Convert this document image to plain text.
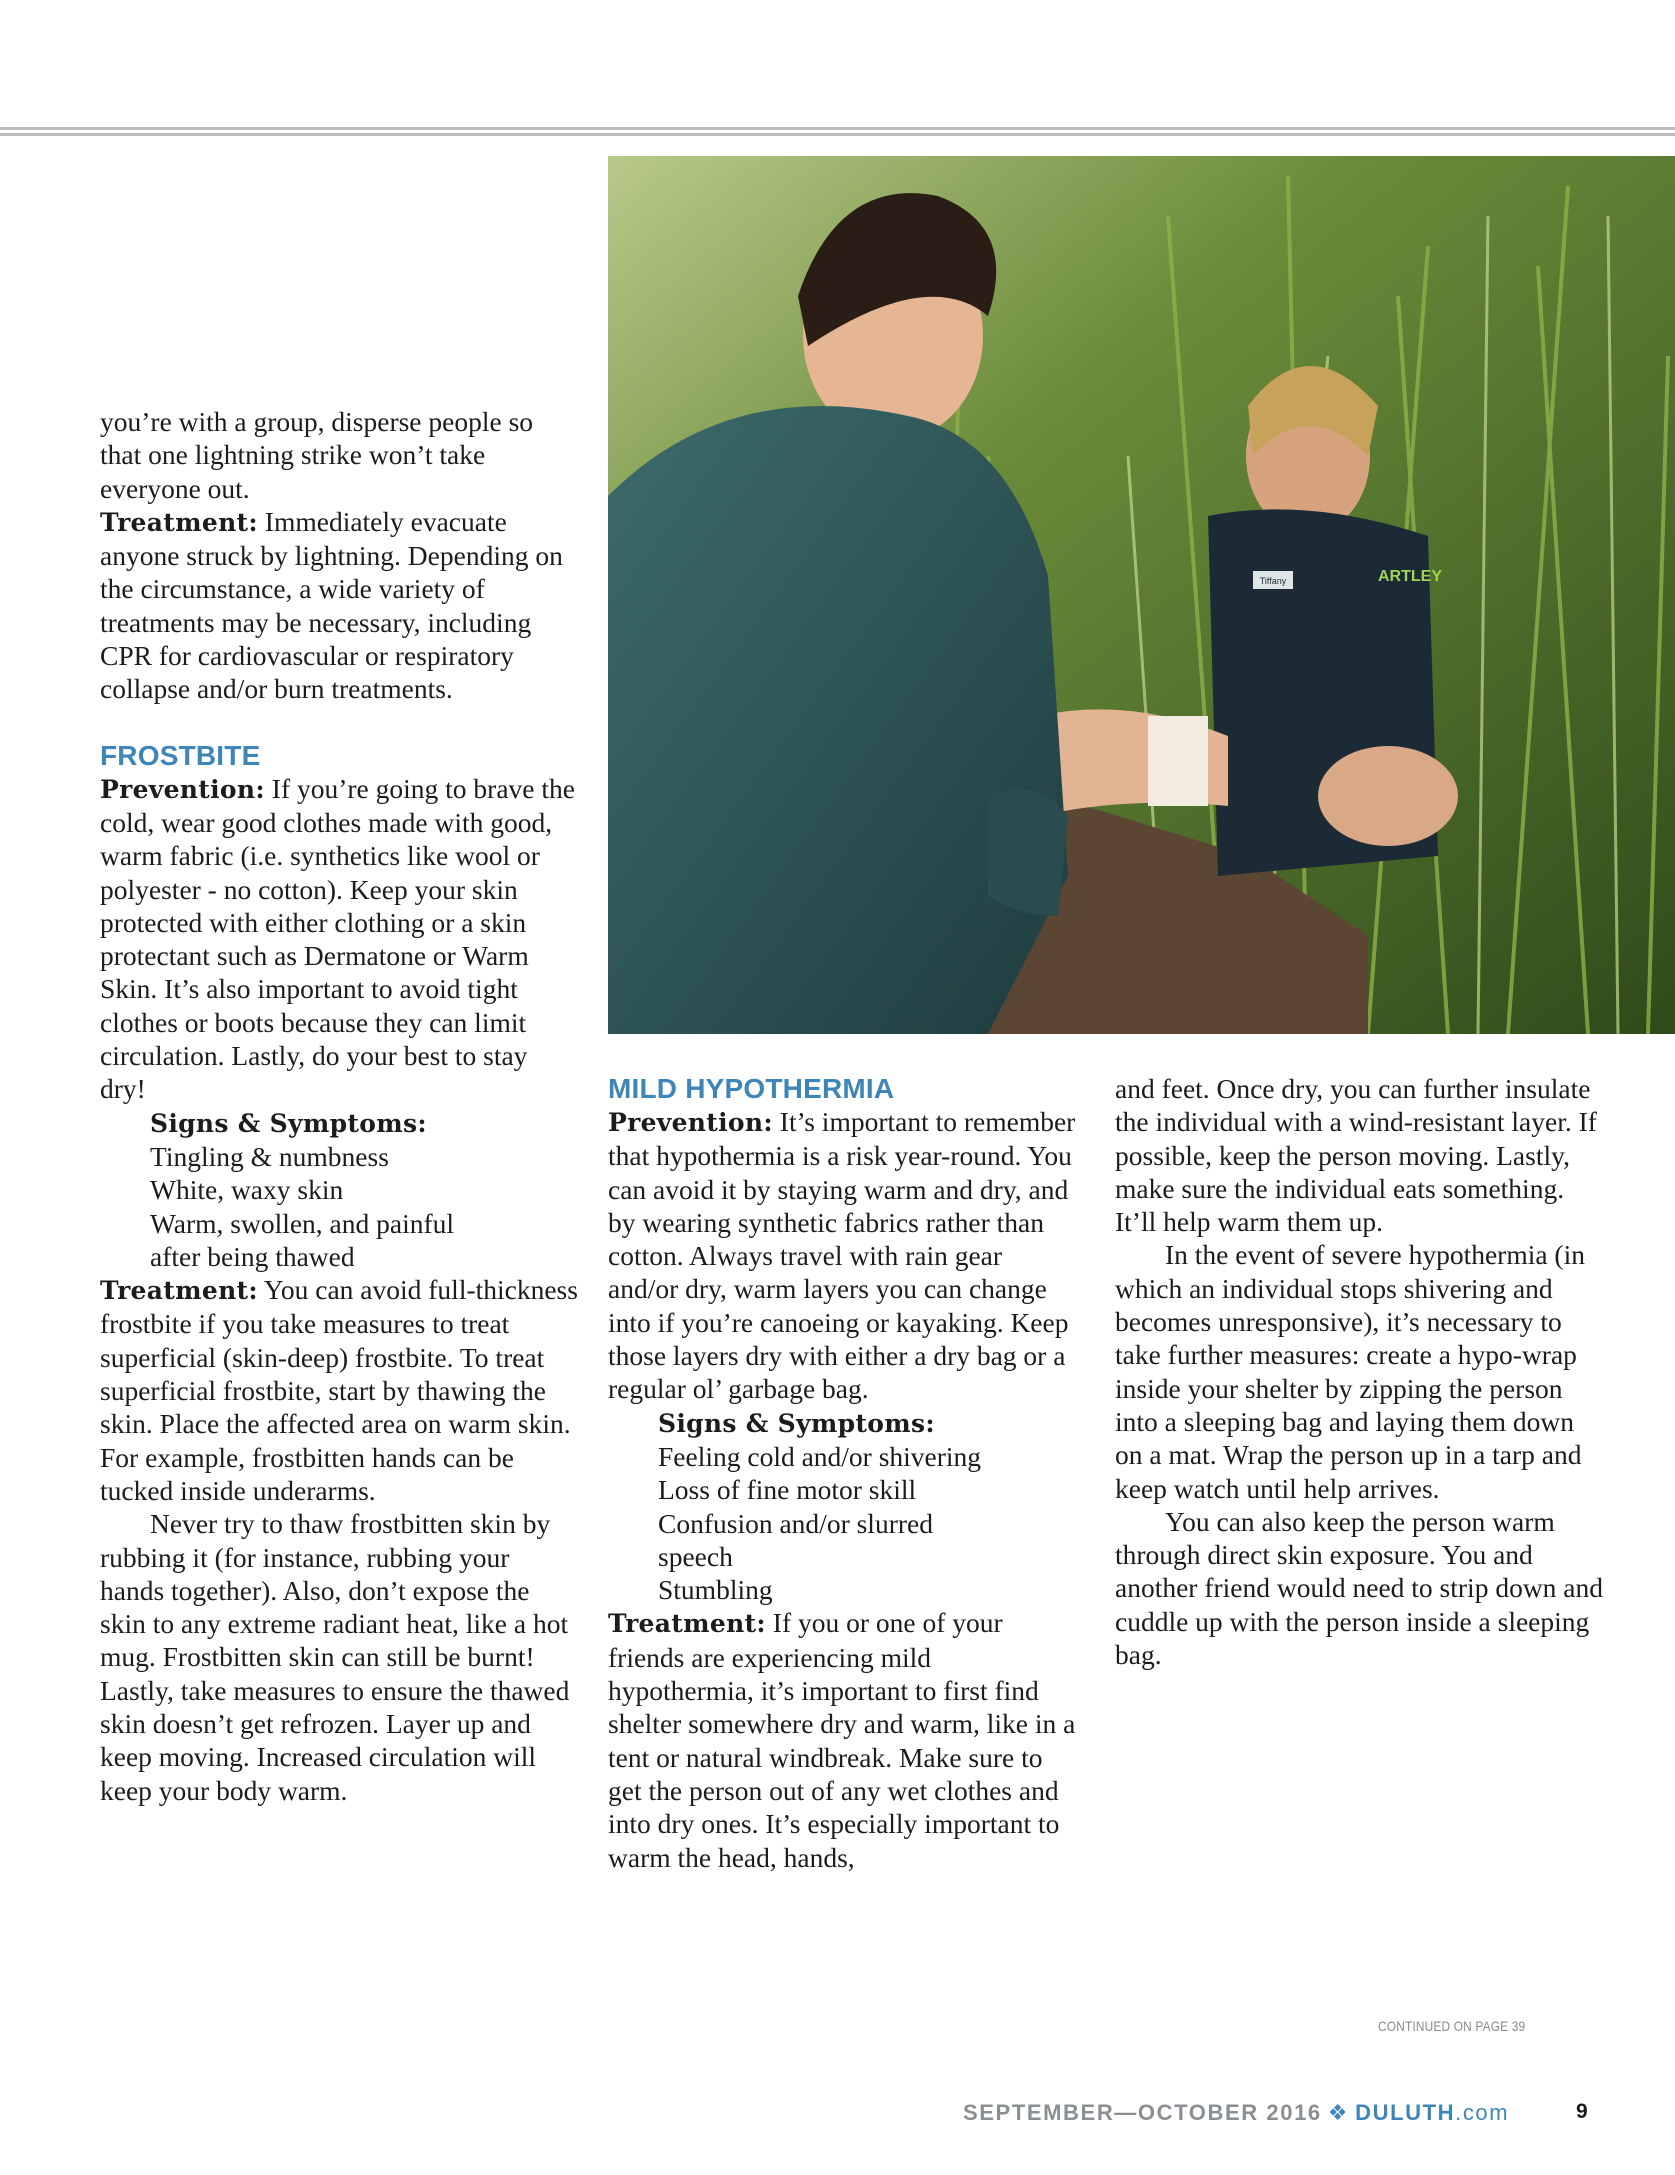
you’re with a group, disperse people so that one lightning strike won’t take everyone out.

Treatment: Immediately evacuate anyone struck by lightning. Depending on the circumstance, a wide variety of treatments may be necessary, including CPR for cardiovascular or respiratory collapse and/or burn treatments.

FROSTBITE

Prevention: If you’re going to brave the cold, wear good clothes made with good, warm fabric (i.e. synthetics like wool or polyester - no cotton). Keep your skin protected with either clothing or a skin protectant such as Dermatone or Warm Skin. It’s also important to avoid tight clothes or boots because they can limit circulation. Lastly, do your best to stay dry!

Signs & Symptoms:

Tingling & numbness

White, waxy skin

Warm, swollen, and painful after being thawed

Treatment: You can avoid full-thickness frostbite if you take measures to treat superficial (skin-deep) frostbite. To treat superficial frostbite, start by thawing the skin. Place the affected area on warm skin. For example, frostbitten hands can be tucked inside underarms.

Never try to thaw frostbitten skin by rubbing it (for instance, rubbing your hands together). Also, don’t expose the skin to any extreme radiant heat, like a hot mug. Frostbitten skin can still be burnt! Lastly, take measures to ensure the thawed skin doesn’t get refrozen. Layer up and keep moving. Increased circulation will keep your body warm.

Tiffany	ARTLEY
MILD HYPOTHERMIA

Prevention: It’s important to remember that hypothermia is a risk year-round. You can avoid it by staying warm and dry, and by wearing synthetic fabrics rather than cotton. Always travel with rain gear and/or dry, warm layers you can change into if you’re canoeing or kayaking. Keep those layers dry with either a dry bag or a regular ol’ garbage bag.

Signs & Symptoms:

Feeling cold and/or shivering

Loss of fine motor skill

Confusion and/or slurred speech

Stumbling

Treatment: If you or one of your friends are experiencing mild hypothermia, it’s important to first find shelter somewhere dry and warm, like in a tent or natural windbreak. Make sure to get the person out of any wet clothes and into dry ones. It’s especially important to warm the head, hands,

and feet. Once dry, you can further insulate the individual with a wind-resistant layer. If possible, keep the person moving. Lastly, make sure the individual eats something. It’ll help warm them up.

In the event of severe hypothermia (in which an individual stops shivering and becomes unresponsive), it’s necessary to take further measures: create a hypo-wrap inside your shelter by zipping the person into a sleeping bag and laying them down on a mat. Wrap the person up in a tarp and keep watch until help arrives.

You can also keep the person warm through direct skin exposure. You and another friend would need to strip down and cuddle up with the person inside a sleeping bag.

CONTINUED ON PAGE 39
SEPTEMBER—OCTOBER 2016 ❖ DULUTH.com	9
